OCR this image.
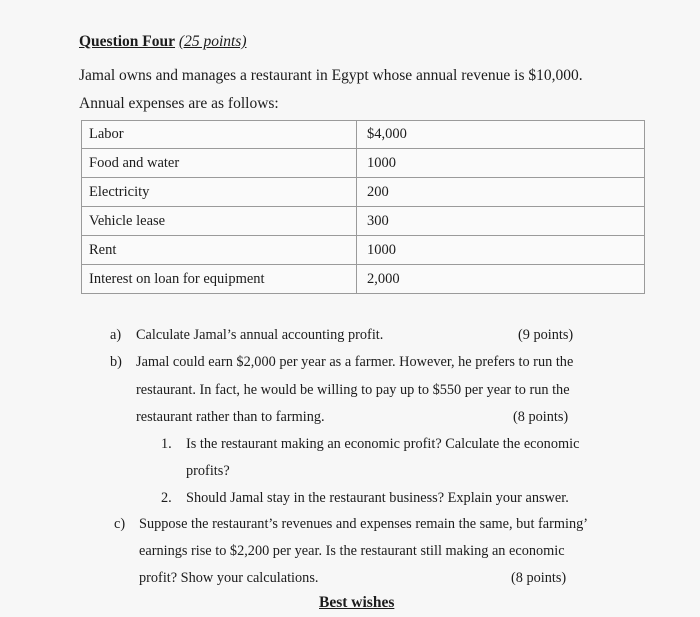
Question Four (25 points)
Jamal owns and manages a restaurant in Egypt whose annual revenue is $10,000.
Annual expenses are as follows:
Labor	$4,000
Food and water	1000
Electricity	200
Vehicle lease	300
Rent	1000
Interest on loan for equipment	2,000
a) Calculate Jamal’s annual accounting profit.	(9 points)
b) Jamal could earn $2,000 per year as a farmer. However, he prefers to run the
restaurant. In fact, he would be willing to pay up to $550 per year to run the
restaurant rather than to farming.	(8 points)
1. Is the restaurant making an economic profit? Calculate the economic
profits?
2. Should Jamal stay in the restaurant business? Explain your answer.
c) Suppose the restaurant’s revenues and expenses remain the same, but farming’
earnings rise to $2,200 per year. Is the restaurant still making an economic
profit? Show your calculations.	(8 points)
Best wishes
